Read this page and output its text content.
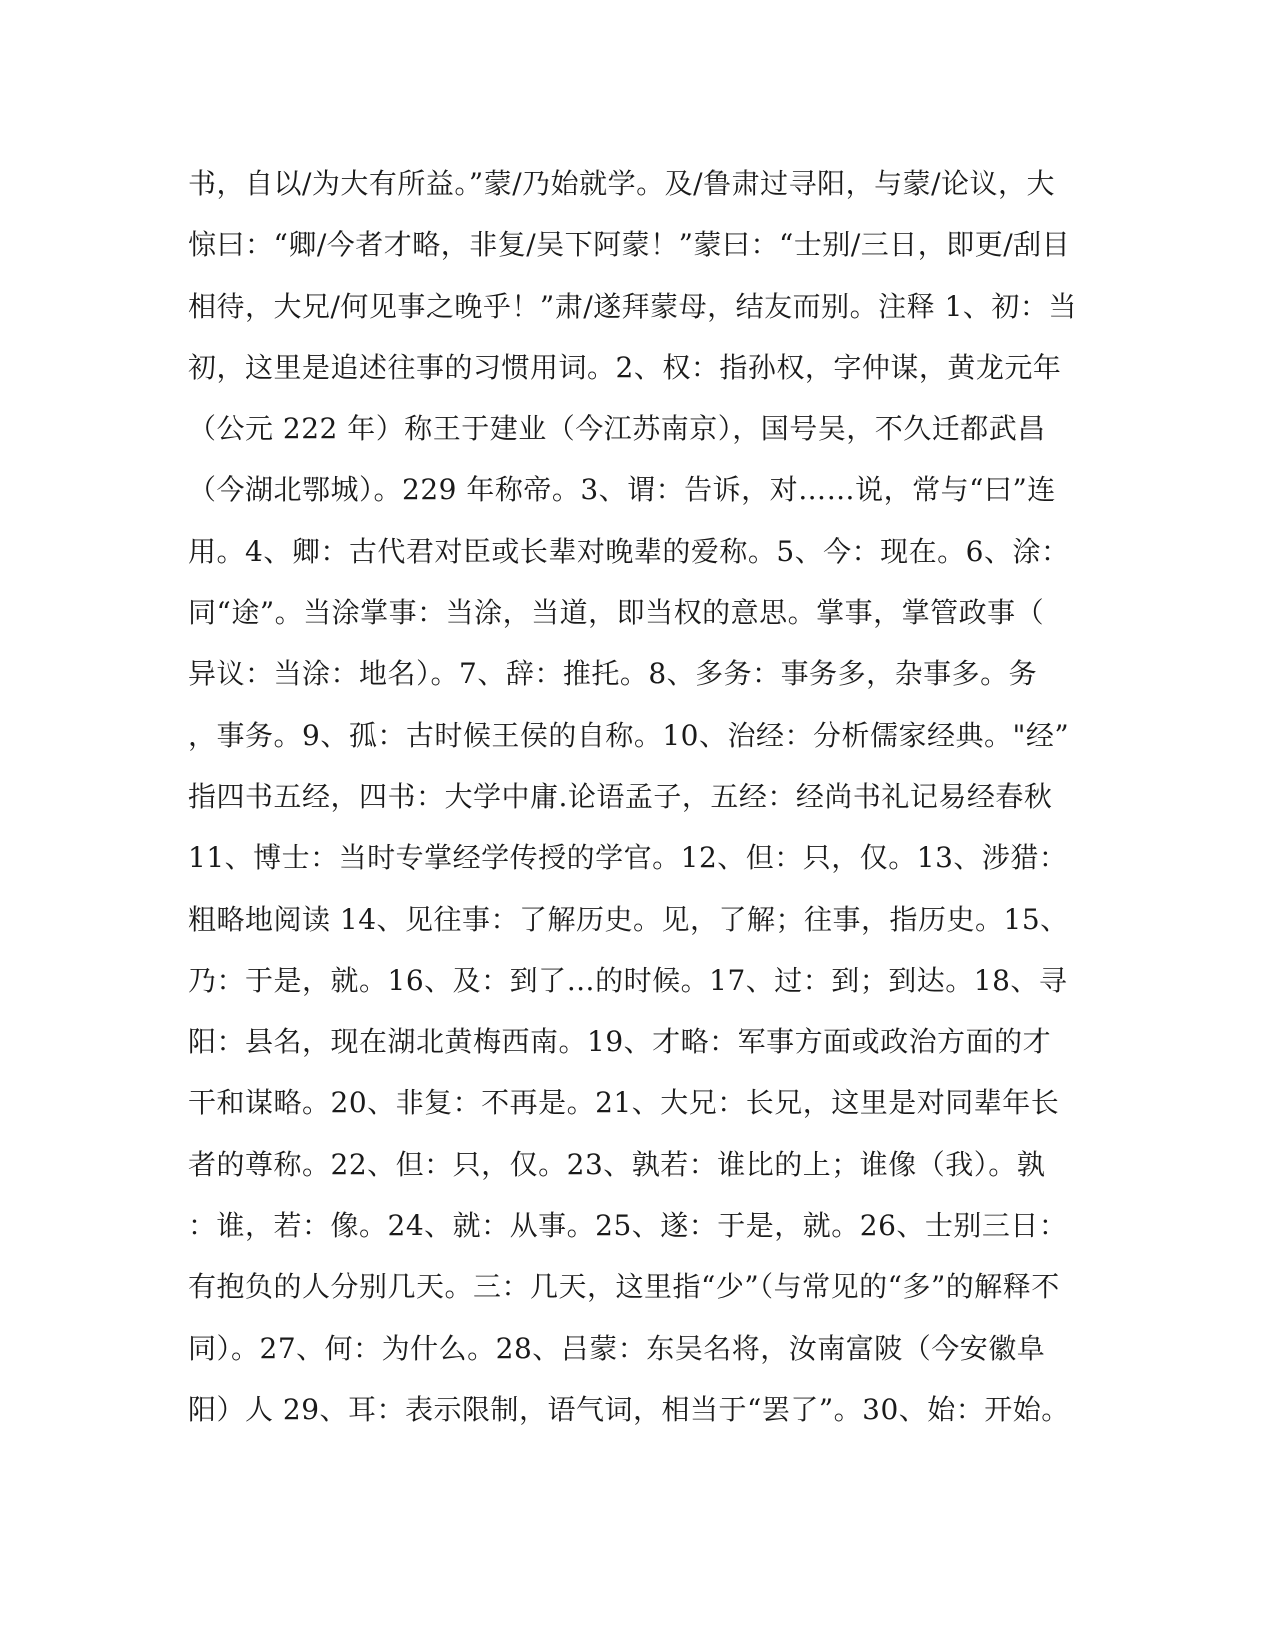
书，自以/为大有所益。”蒙/乃始就学。及/鲁肃过寻阳，与蒙/论议，大
惊曰：“卿/今者才略，非复/吴下阿蒙！”蒙曰：“士别/三日，即更/刮目
相待，大兄/何见事之晚乎！”肃/遂拜蒙母，结友而别。注释 1、初：当
初，这里是追述往事的习惯用词。2、权：指孙权，字仲谋，黄龙元年
（公元 222 年）称王于建业（今江苏南京），国号吴，不久迁都武昌
（今湖北鄂城）。229 年称帝。3、谓：告诉，对……说，常与“曰”连
用。4、卿：古代君对臣或长辈对晚辈的爱称。5、今：现在。6、涂：
同“途”。当涂掌事：当涂，当道，即当权的意思。掌事，掌管政事（
异议：当涂：地名）。7、辞：推托。8、多务：事务多，杂事多。务
，事务。9、孤：古时候王侯的自称。10、治经：分析儒家经典。"经”
指四书五经，四书：大学中庸.论语孟子，五经：经尚书礼记易经春秋
11、博士：当时专掌经学传授的学官。12、但：只，仅。13、涉猎：
粗略地阅读 14、见往事：了解历史。见，了解；往事，指历史。15、
乃：于是，就。16、及：到了…的时候。17、过：到；到达。18、寻
阳：县名，现在湖北黄梅西南。19、才略：军事方面或政治方面的才
干和谋略。20、非复：不再是。21、大兄：长兄，这里是对同辈年长
者的尊称。22、但：只，仅。23、孰若：谁比的上；谁像（我）。孰
：谁，若：像。24、就：从事。25、遂：于是，就。26、士别三日：
有抱负的人分别几天。三：几天，这里指“少”（与常见的“多”的解释不
同）。27、何：为什么。28、吕蒙：东吴名将，汝南富陂（今安徽阜
阳）人 29、耳：表示限制，语气词，相当于“罢了”。30、始：开始。
